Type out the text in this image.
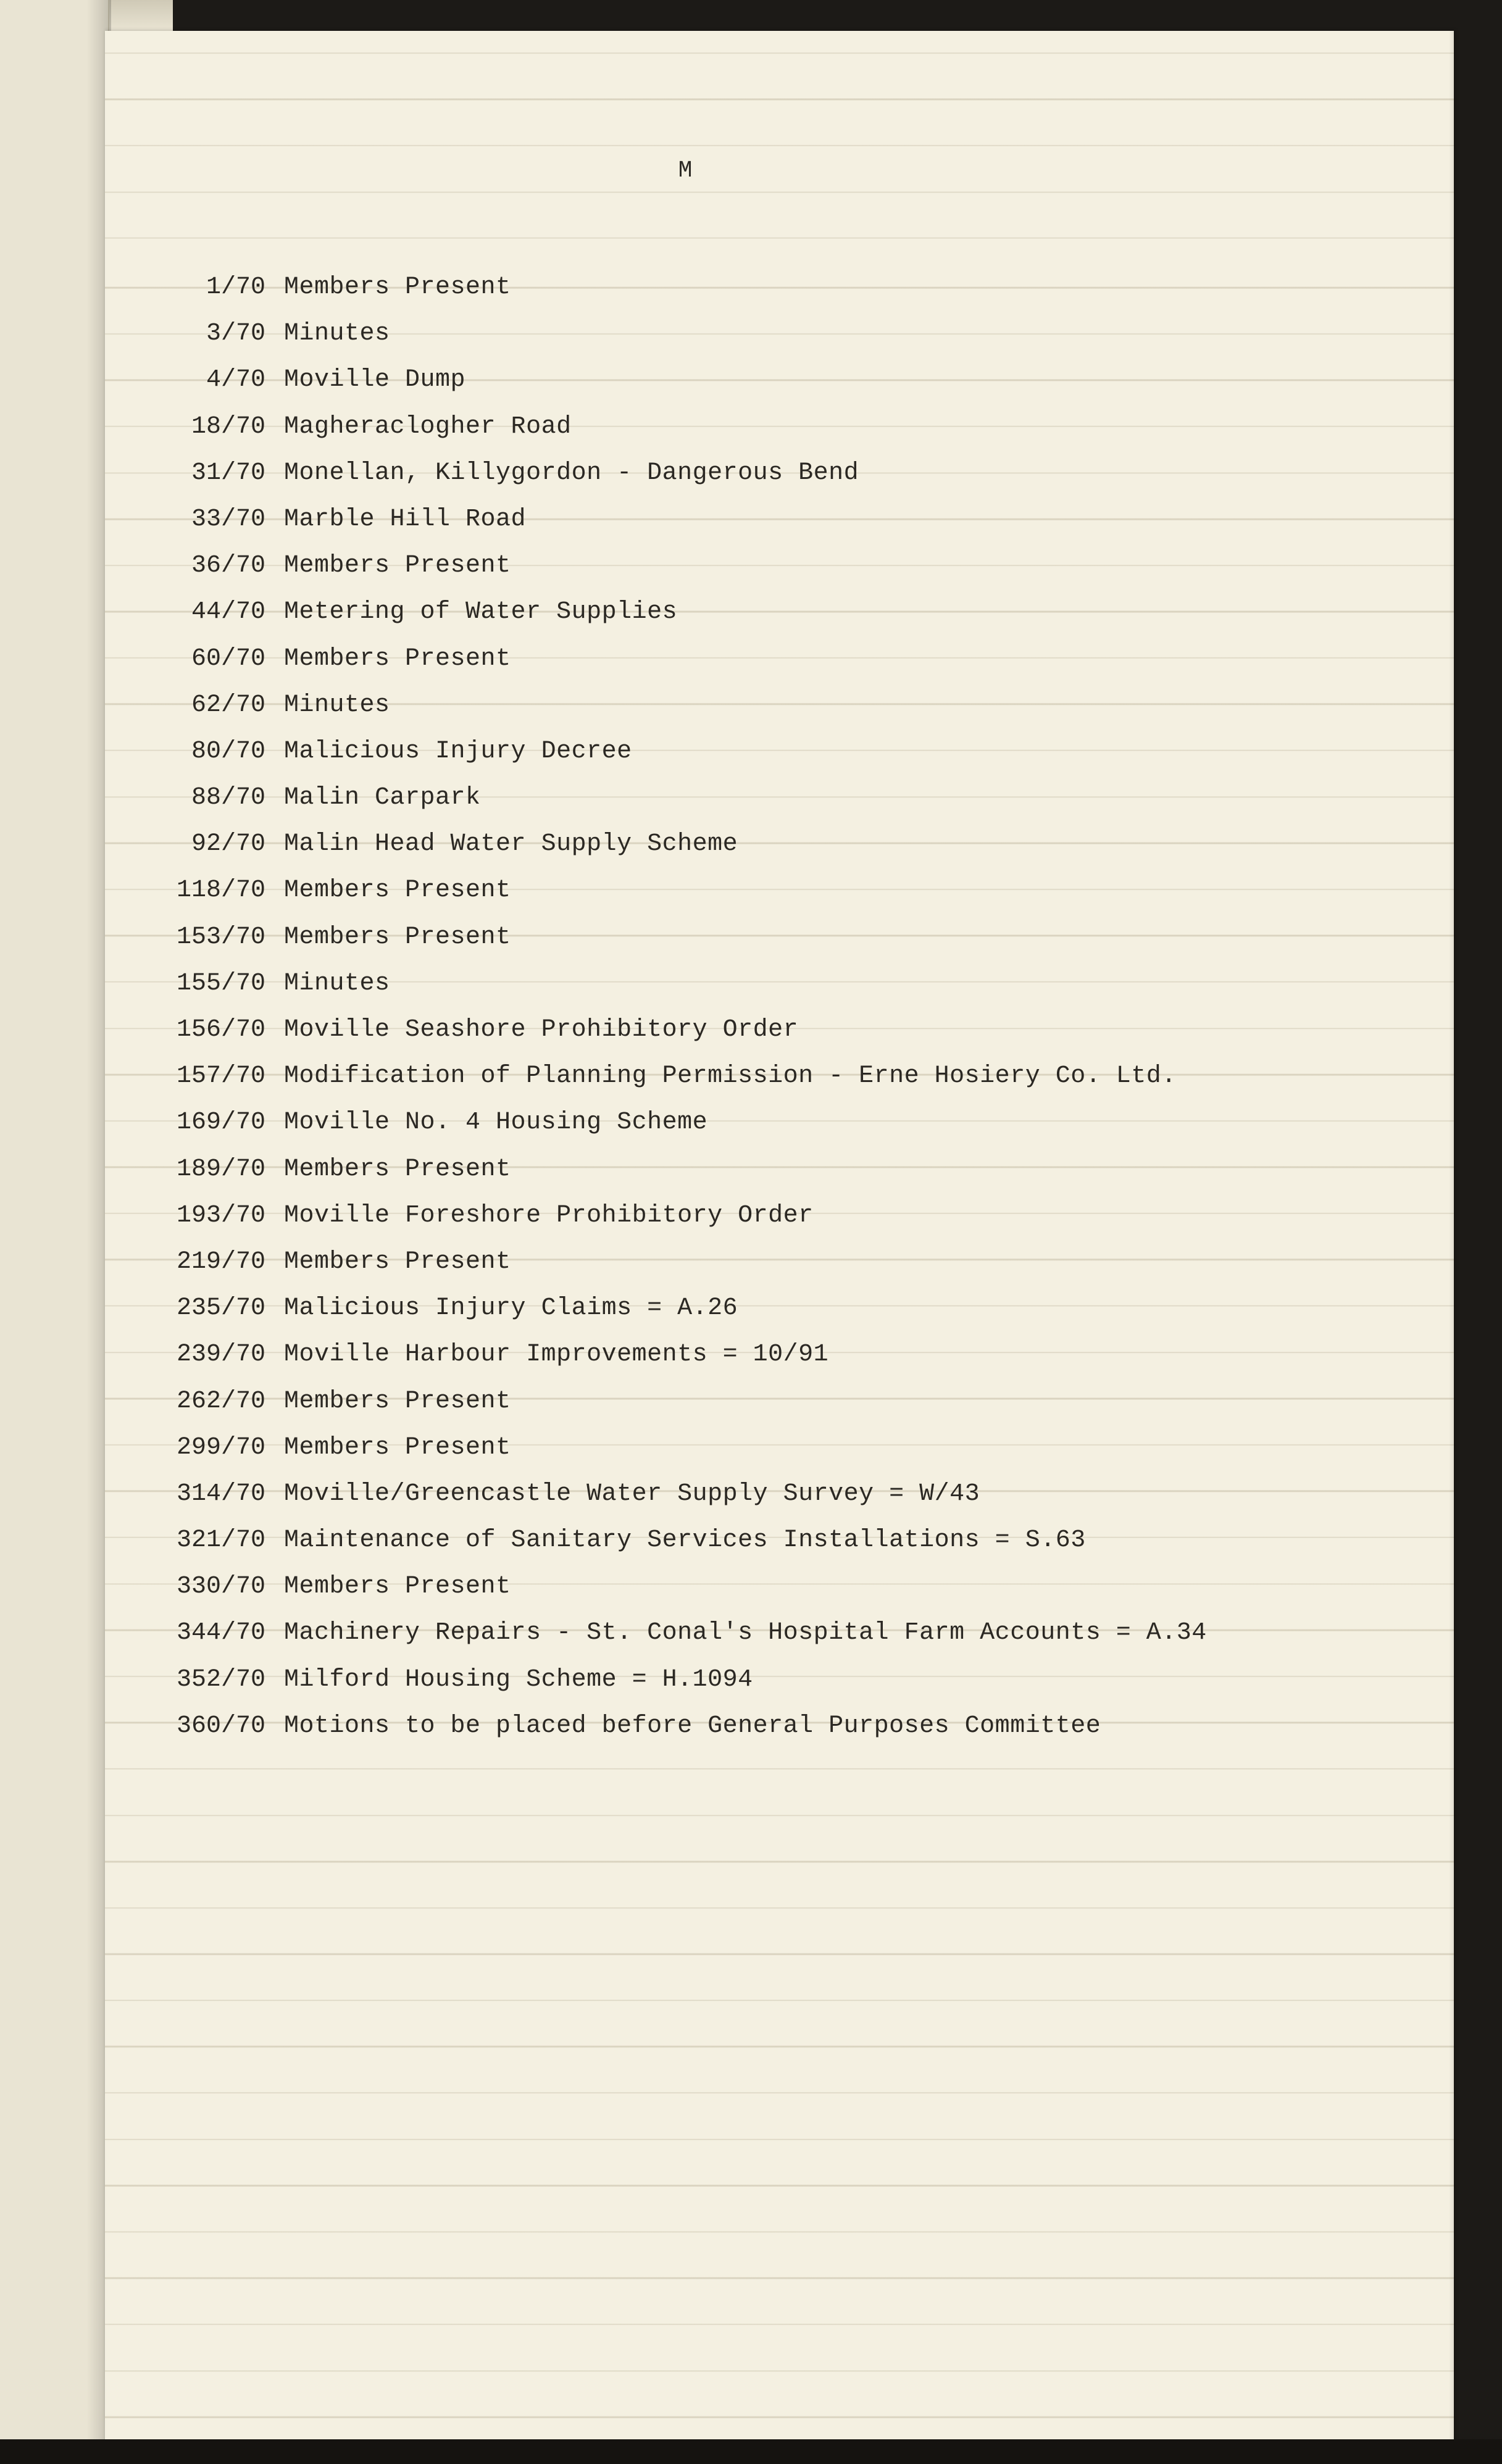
M
1/70 Members Present
3/70 Minutes
4/70 Moville Dump
18/70 Magheraclogher Road
31/70 Monellan, Killygordon - Dangerous Bend
33/70 Marble Hill Road
36/70 Members Present
44/70 Metering of Water Supplies
60/70 Members Present
62/70 Minutes
80/70 Malicious Injury Decree
88/70 Malin Carpark
92/70 Malin Head Water Supply Scheme
118/70 Members Present
153/70 Members Present
155/70 Minutes
156/70 Moville Seashore Prohibitory Order
157/70 Modification of Planning Permission - Erne Hosiery Co. Ltd.
169/70 Moville No. 4 Housing Scheme
189/70 Members Present
193/70 Moville Foreshore Prohibitory Order
219/70 Members Present
235/70 Malicious Injury Claims = A.26
239/70 Moville Harbour Improvements = 10/91
262/70 Members Present
299/70 Members Present
314/70 Moville/Greencastle Water Supply Survey = W/43
321/70 Maintenance of Sanitary Services Installations = S.63
330/70 Members Present
344/70 Machinery Repairs - St. Conal's Hospital Farm Accounts = A.34
352/70 Milford Housing Scheme = H.1094
360/70 Motions to be placed before General Purposes Committee
